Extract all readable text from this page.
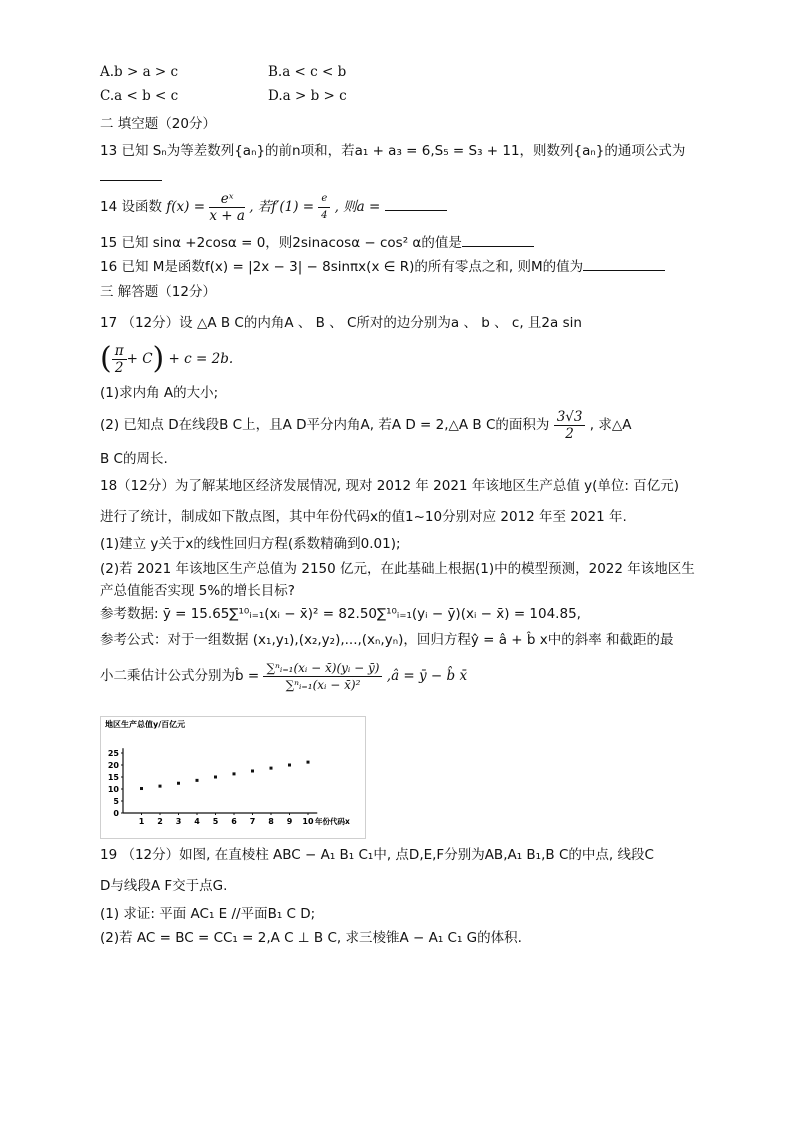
A.b > a > c	B.a < c < b
C.a < b < c	D.a > b > c
二 填空题（20分）
13 已知 Sₙ为等差数列{aₙ}的前n项和，若a₁ + a₃ = 6,S₅ = S₃ + 11，则数列{aₙ}的通项公式为
14 设函数 $f(x) = \frac{\text{eˣ}}{x + a}$ , 若$f'(1) = \frac{e}{4}$ , 则a =
15 已知 sinα +2cosα = 0，则2sinacosα − cos² α的值是
16 已知 M是函数f(x) = |2x − 3| − 8sinπx(x ∈ R)的所有零点之和, 则M的值为
三 解答题（12分）
17 （12分）设 △A B C的内角A 、 B 、 C所对的边分别为a 、 b 、 c, 且2a sin
( $\frac{\pi}{2} + C) + c = 2b$.
(1)求内角 A的大小;
(2) 已知点 D在线段B C上，且A D平分内角A, 若A D = 2,△A B C的面积为 $\frac{3√3}{2}$ , 求△A
B C的周长.
18（12分）为了解某地区经济发展情况, 现对 2012 年 2021 年该地区生产总值 y(单位: 百亿元)
进行了统计，制成如下散点图，其中年份代码x的值1~10分别对应 2012 年至 2021 年.
(1)建立 y关于x的线性回归方程(系数精确到0.01);
(2)若 2021 年该地区生产总值为 2150 亿元，在此基础上根据(1)中的模型预测，2022 年该地区生
产总值能否实现 5%的增长目标?
参考数据: ȳ = 15.65∑¹⁰ᵢ₌₁(xᵢ − x̄)² = 82.50∑¹⁰ᵢ₌₁(yᵢ − ȳ)(xᵢ − x̄) = 104.85,
参考公式：对于一组数据 (x₁,y₁),(x₂,y₂),...,(xₙ,yₙ)，回归方程ŷ = â + b̂ x中的斜率 和截距的最
小二乘估计公式分别为b̂ = $\frac{\text{∑ⁿᵢ₌₁(xᵢ − x̄)(yᵢ − ȳ)}}{\text{∑ⁿᵢ₌₁(xᵢ − x̄)²}}$ ,â = ȳ − b̂ x̄
地区生产总值y/百亿元
0
5
10
15
20
25
1 2 3 4 5 6 7 8 9 10 年份代码x
19 （12分）如图, 在直棱柱 ABC − A₁ B₁ C₁中, 点D,E,F分别为AB,A₁ B₁,B C的中点, 线段C
D与线段A F交于点G.
(1) 求证: 平面 AC₁ E //平面B₁ C D;
(2)若 AC = BC = CC₁ = 2,A C ⊥ B C, 求三棱锥A − A₁ C₁ G的体积.
